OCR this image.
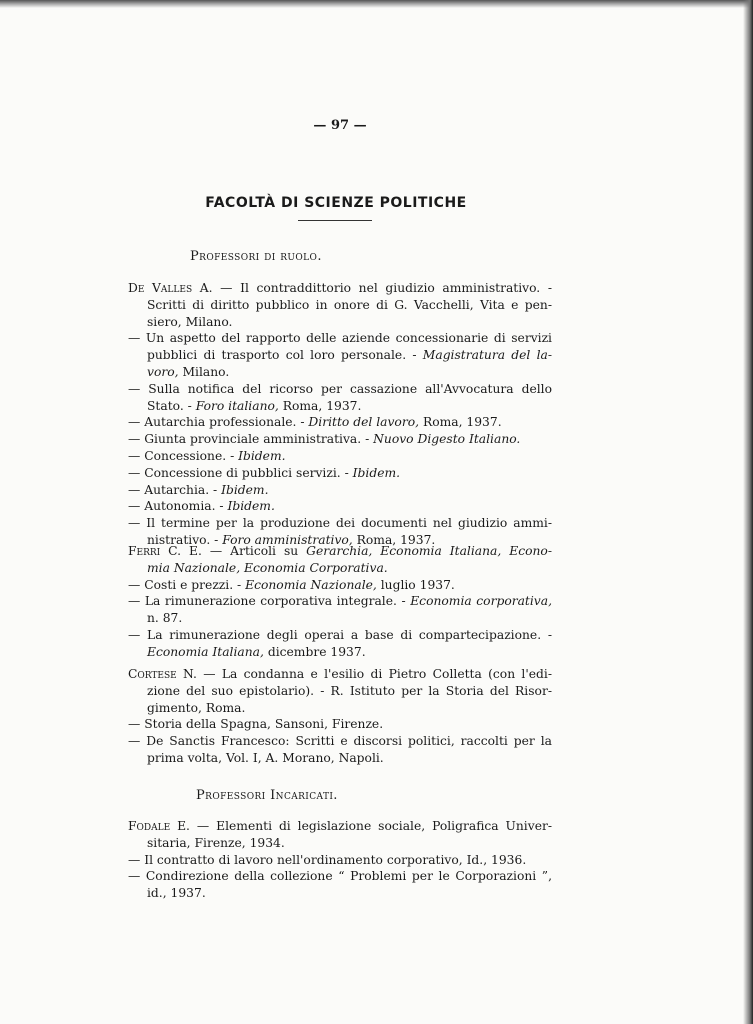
— 97 —
FACOLTÀ DI SCIENZE POLITICHE
Professori di ruolo.
Professori Incaricati.
De Valles A. — Il contraddittorio nel giudizio amministrativo. -
Scritti di diritto pubblico in onore di G. Vacchelli, Vita e pen-
siero, Milano.
— Un aspetto del rapporto delle aziende concessionarie di servizi
pubblici di trasporto col loro personale. - Magistratura del la-
voro, Milano.
— Sulla notifica del ricorso per cassazione all'Avvocatura dello
Stato. - Foro italiano, Roma, 1937.
— Autarchia professionale. - Diritto del lavoro, Roma, 1937.
— Giunta provinciale amministrativa. - Nuovo Digesto Italiano.
— Concessione. - Ibidem.
— Concessione di pubblici servizi. - Ibidem.
— Autarchia. - Ibidem.
— Autonomia. - Ibidem.
— Il termine per la produzione dei documenti nel giudizio ammi-
nistrativo. - Foro amministrativo, Roma, 1937.
Ferri C. E. — Articoli su Gerarchia, Economia Italiana, Econo-
mia Nazionale, Economia Corporativa.
— Costi e prezzi. - Economia Nazionale, luglio 1937.
— La rimunerazione corporativa integrale. - Economia corporativa,
n. 87.
— La rimunerazione degli operai a base di compartecipazione. -
Economia Italiana, dicembre 1937.
Cortese N. — La condanna e l'esilio di Pietro Colletta (con l'edi-
zione del suo epistolario). - R. Istituto per la Storia del Risor-
gimento, Roma.
— Storia della Spagna, Sansoni, Firenze.
— De Sanctis Francesco: Scritti e discorsi politici, raccolti per la
prima volta, Vol. I, A. Morano, Napoli.
Fodale E. — Elementi di legislazione sociale, Poligrafica Univer-
sitaria, Firenze, 1934.
— Il contratto di lavoro nell'ordinamento corporativo, Id., 1936.
— Condirezione della collezione “ Problemi per le Corporazioni ”,
id., 1937.
